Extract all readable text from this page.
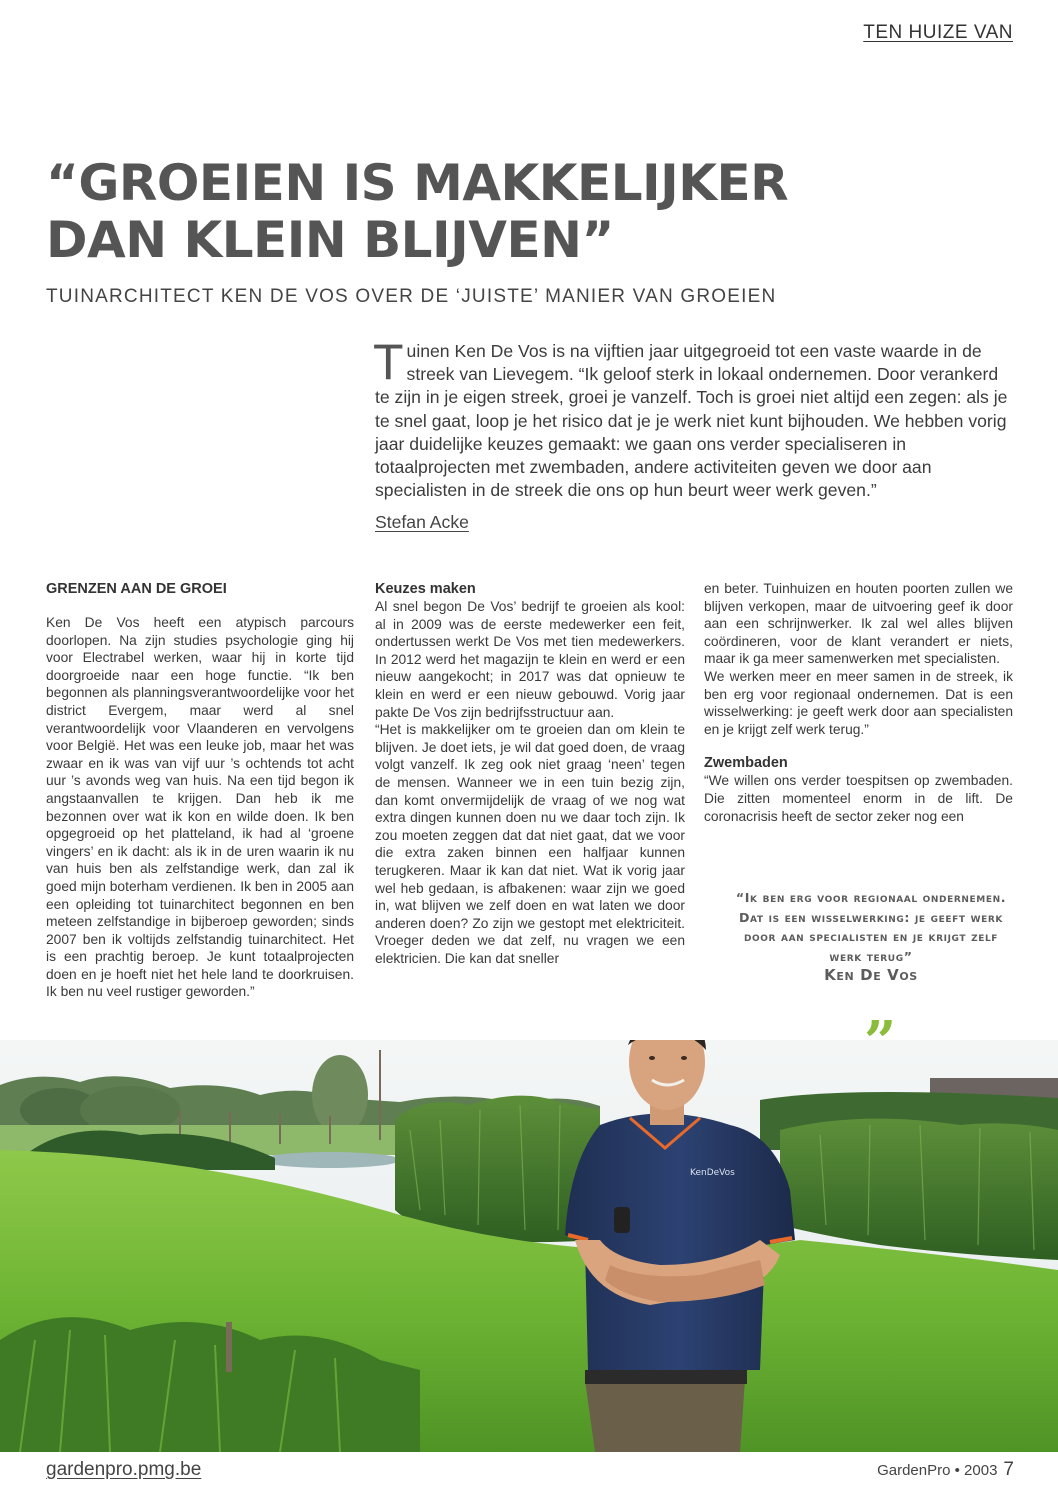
TEN HUIZE VAN
“GROEIEN IS MAKKELIJKER
DAN KLEIN BLIJVEN”
TUINARCHITECT KEN DE VOS OVER DE ‘JUISTE’ MANIER VAN GROEIEN
Tuinen Ken De Vos is na vijftien jaar uitgegroeid tot een vaste waarde in de streek van Lievegem. “Ik geloof sterk in lokaal ondernemen. Door verankerd te zijn in je eigen streek, groei je vanzelf. Toch is groei niet altijd een zegen: als je te snel gaat, loop je het risico dat je je werk niet kunt bijhouden. We hebben vorig jaar duidelijke keuzes gemaakt: we gaan ons verder specialiseren in totaalprojecten met zwembaden, andere activiteiten geven we door aan specialisten in de streek die ons op hun beurt weer werk geven.”
Stefan Acke
GRENZEN AAN DE GROEI

Ken De Vos heeft een atypisch parcours doorlopen. Na zijn studies psychologie ging hij voor Electrabel werken, waar hij in korte tijd doorgroeide naar een hoge functie. “Ik ben begonnen als planningsverantwoordelijke voor het district Evergem, maar werd al snel verantwoordelijk voor Vlaanderen en vervolgens voor België. Het was een leuke job, maar het was zwaar en ik was van vijf uur ’s ochtends tot acht uur ’s avonds weg van huis. Na een tijd begon ik angstaanvallen te krijgen. Dan heb ik me bezonnen over wat ik kon en wilde doen. Ik ben opgegroeid op het platteland, ik had al ‘groene vingers’ en ik dacht: als ik in de uren waarin ik nu van huis ben als zelfstandige werk, dan zal ik goed mijn boterham verdienen. Ik ben in 2005 aan een opleiding tot tuinarchitect begonnen en ben meteen zelfstandige in bijberoep geworden; sinds 2007 ben ik voltijds zelfstandig tuinarchitect. Het is een prachtig beroep. Je kunt totaalprojecten doen en je hoeft niet het hele land te doorkruisen. Ik ben nu veel rustiger geworden.”

Keuzes maken

Al snel begon De Vos’ bedrijf te groeien als kool: al in 2009 was de eerste medewerker een feit, ondertussen werkt De Vos met tien medewerkers. In 2012 werd het magazijn te klein en werd er een nieuw aangekocht; in 2017 was dat opnieuw te klein en werd er een nieuw gebouwd. Vorig jaar pakte De Vos zijn bedrijfsstructuur aan.

“Het is makkelijker om te groeien dan om klein te blijven. Je doet iets, je wil dat goed doen, de vraag volgt vanzelf. Ik zeg ook niet graag ‘neen’ tegen de mensen. Wanneer we in een tuin bezig zijn, dan komt onvermijdelijk de vraag of we nog wat extra dingen kunnen doen nu we daar toch zijn. Ik zou moeten zeggen dat dat niet gaat, dat we voor die extra zaken binnen een halfjaar kunnen terugkeren. Maar ik kan dat niet. Wat ik vorig jaar wel heb gedaan, is afbakenen: waar zijn we goed in, wat blijven we zelf doen en wat laten we door anderen doen? Zo zijn we gestopt met elektriciteit. Vroeger deden we dat zelf, nu vragen we een elektricien. Die kan dat sneller

en beter. Tuinhuizen en houten poorten zullen we blijven verkopen, maar de uitvoering geef ik door aan een schrijnwerker. Ik zal wel alles blijven coördineren, voor de klant verandert er niets, maar ik ga meer samenwerken met specialisten.

We werken meer en meer samen in de streek, ik ben erg voor regionaal ondernemen. Dat is een wisselwerking: je geeft werk door aan specialisten en je krijgt zelf werk terug.”

Zwembaden

“We willen ons verder toespitsen op zwembaden. Die zitten momenteel enorm in de lift. De coronacrisis heeft de sector zeker nog een

“Ik ben erg voor regionaal ondernemen. Dat is een wisselwerking: je geeft werk door aan specialisten en je krijgt zelf werk terug”
Ken De Vos
KenDeVos
gardenpro.pmg.be	GardenPro • 2003 7
